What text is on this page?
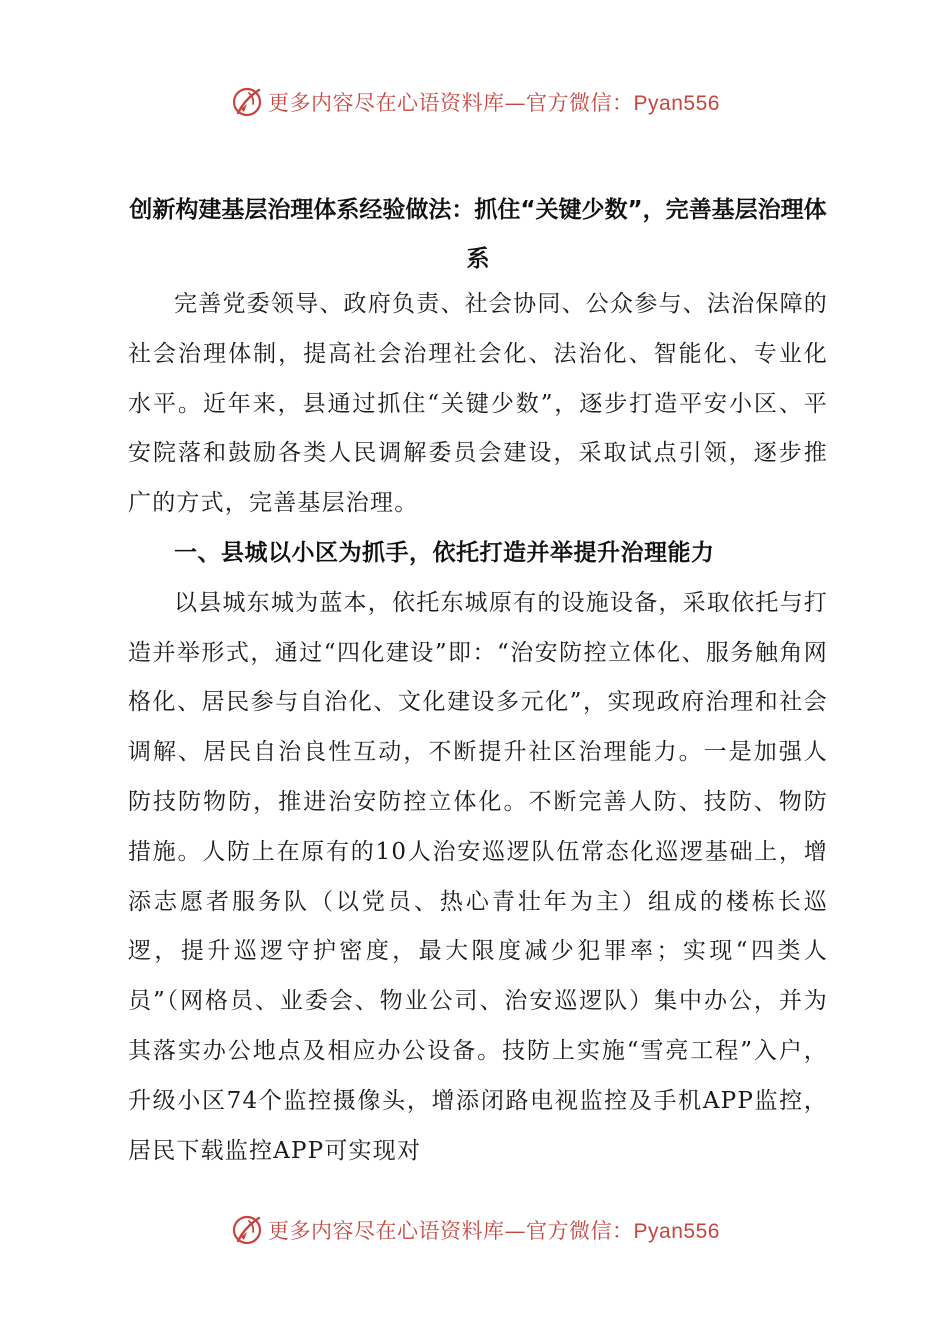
更多内容尽在心语资料库—官方微信：Pyan556
创新构建基层治理体系经验做法：抓住“关键少数”，完善基层治理体系

完善党委领导、政府负责、社会协同、公众参与、法治保障的社会治理体制，提高社会治理社会化、法治化、智能化、专业化水平。近年来，县通过抓住“关键少数”，逐步打造平安小区、平安院落和鼓励各类人民调解委员会建设，采取试点引领，逐步推广的方式，完善基层治理。

一、县城以小区为抓手，依托打造并举提升治理能力

以县城东城为蓝本，依托东城原有的设施设备，采取依托与打造并举形式，通过“四化建设”即：“治安防控立体化、服务触角网格化、居民参与自治化、文化建设多元化”，实现政府治理和社会调解、居民自治良性互动，不断提升社区治理能力。一是加强人防技防物防，推进治安防控立体化。不断完善人防、技防、物防措施。人防上在原有的10人治安巡逻队伍常态化巡逻基础上，增添志愿者服务队（以党员、热心青壮年为主）组成的楼栋长巡逻，提升巡逻守护密度，最大限度减少犯罪率；实现“四类人员”（网格员、业委会、物业公司、治安巡逻队）集中办公，并为其落实办公地点及相应办公设备。技防上实施“雪亮工程”入户，升级小区74个监控摄像头，增添闭路电视监控及手机APP监控，居民下载监控APP可实现对

更多内容尽在心语资料库—官方微信：Pyan556
